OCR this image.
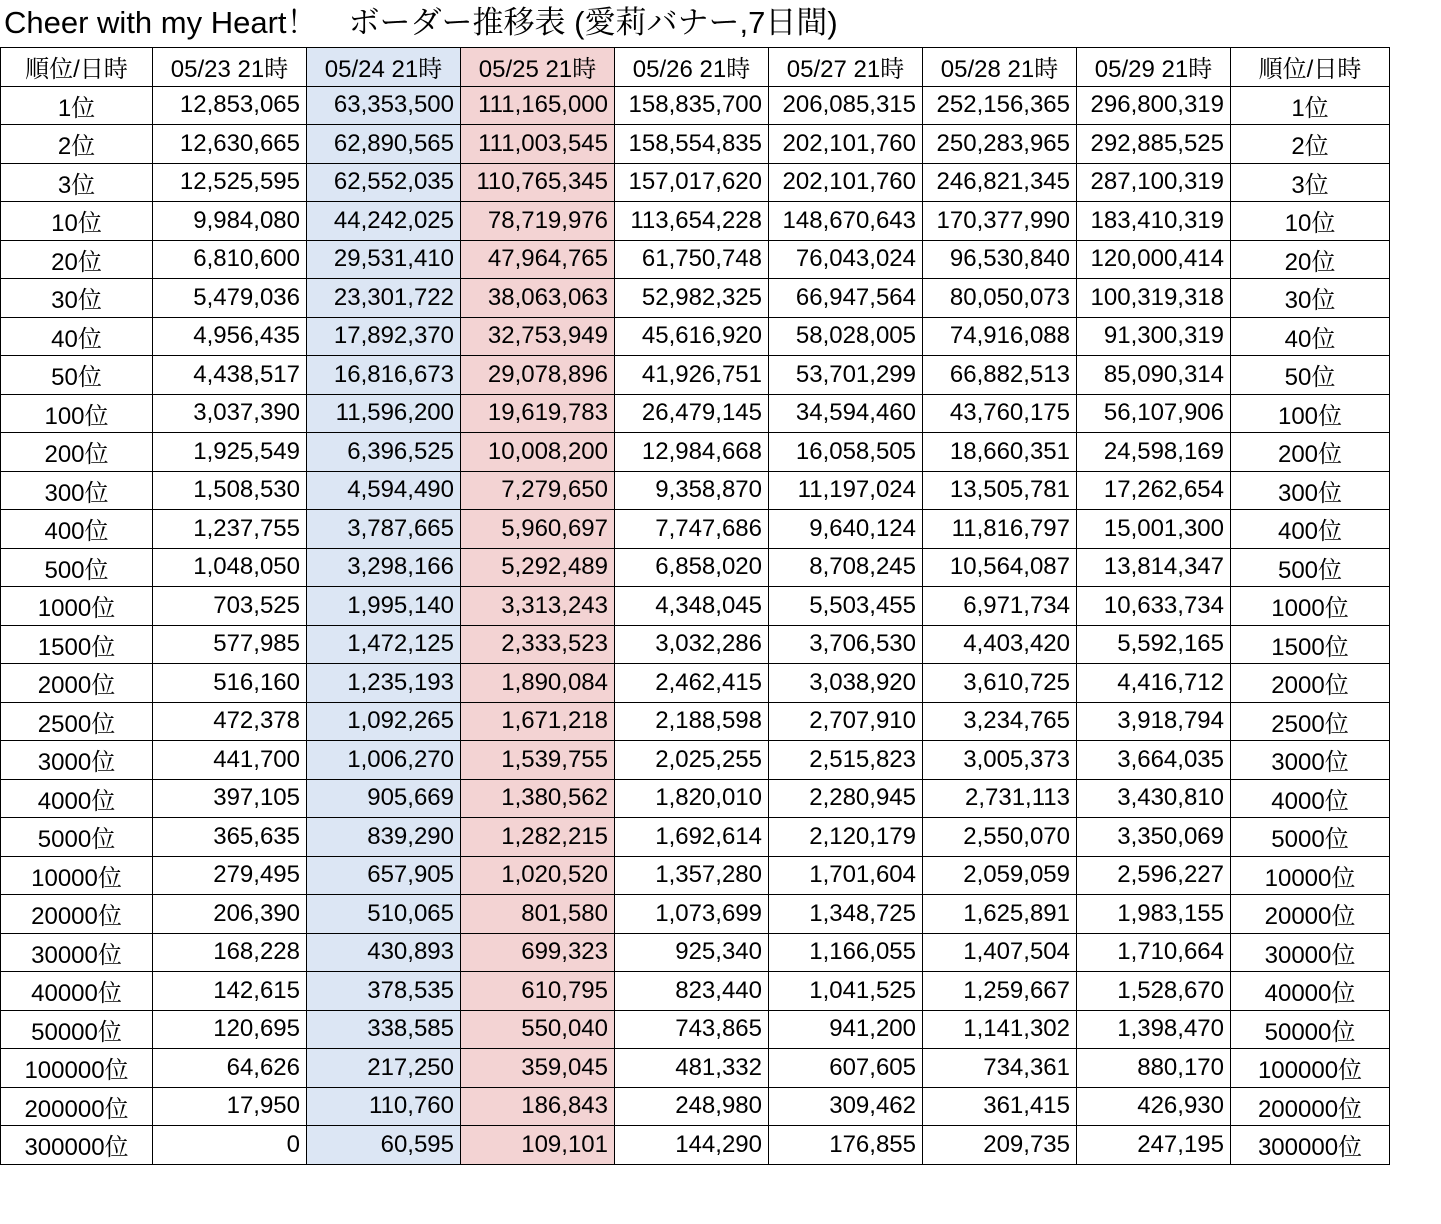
Cheer with my Heart！　ボーダー推移表 (愛莉バナー,7日間)
順位/日時	05/23 21時	05/24 21時	05/25 21時	05/26 21時	05/27 21時	05/28 21時	05/29 21時	順位/日時
1位	12,853,065	63,353,500	111,165,000	158,835,700	206,085,315	252,156,365	296,800,319	1位
2位	12,630,665	62,890,565	111,003,545	158,554,835	202,101,760	250,283,965	292,885,525	2位
3位	12,525,595	62,552,035	110,765,345	157,017,620	202,101,760	246,821,345	287,100,319	3位
10位	9,984,080	44,242,025	78,719,976	113,654,228	148,670,643	170,377,990	183,410,319	10位
20位	6,810,600	29,531,410	47,964,765	61,750,748	76,043,024	96,530,840	120,000,414	20位
30位	5,479,036	23,301,722	38,063,063	52,982,325	66,947,564	80,050,073	100,319,318	30位
40位	4,956,435	17,892,370	32,753,949	45,616,920	58,028,005	74,916,088	91,300,319	40位
50位	4,438,517	16,816,673	29,078,896	41,926,751	53,701,299	66,882,513	85,090,314	50位
100位	3,037,390	11,596,200	19,619,783	26,479,145	34,594,460	43,760,175	56,107,906	100位
200位	1,925,549	6,396,525	10,008,200	12,984,668	16,058,505	18,660,351	24,598,169	200位
300位	1,508,530	4,594,490	7,279,650	9,358,870	11,197,024	13,505,781	17,262,654	300位
400位	1,237,755	3,787,665	5,960,697	7,747,686	9,640,124	11,816,797	15,001,300	400位
500位	1,048,050	3,298,166	5,292,489	6,858,020	8,708,245	10,564,087	13,814,347	500位
1000位	703,525	1,995,140	3,313,243	4,348,045	5,503,455	6,971,734	10,633,734	1000位
1500位	577,985	1,472,125	2,333,523	3,032,286	3,706,530	4,403,420	5,592,165	1500位
2000位	516,160	1,235,193	1,890,084	2,462,415	3,038,920	3,610,725	4,416,712	2000位
2500位	472,378	1,092,265	1,671,218	2,188,598	2,707,910	3,234,765	3,918,794	2500位
3000位	441,700	1,006,270	1,539,755	2,025,255	2,515,823	3,005,373	3,664,035	3000位
4000位	397,105	905,669	1,380,562	1,820,010	2,280,945	2,731,113	3,430,810	4000位
5000位	365,635	839,290	1,282,215	1,692,614	2,120,179	2,550,070	3,350,069	5000位
10000位	279,495	657,905	1,020,520	1,357,280	1,701,604	2,059,059	2,596,227	10000位
20000位	206,390	510,065	801,580	1,073,699	1,348,725	1,625,891	1,983,155	20000位
30000位	168,228	430,893	699,323	925,340	1,166,055	1,407,504	1,710,664	30000位
40000位	142,615	378,535	610,795	823,440	1,041,525	1,259,667	1,528,670	40000位
50000位	120,695	338,585	550,040	743,865	941,200	1,141,302	1,398,470	50000位
100000位	64,626	217,250	359,045	481,332	607,605	734,361	880,170	100000位
200000位	17,950	110,760	186,843	248,980	309,462	361,415	426,930	200000位
300000位	0	60,595	109,101	144,290	176,855	209,735	247,195	300000位
